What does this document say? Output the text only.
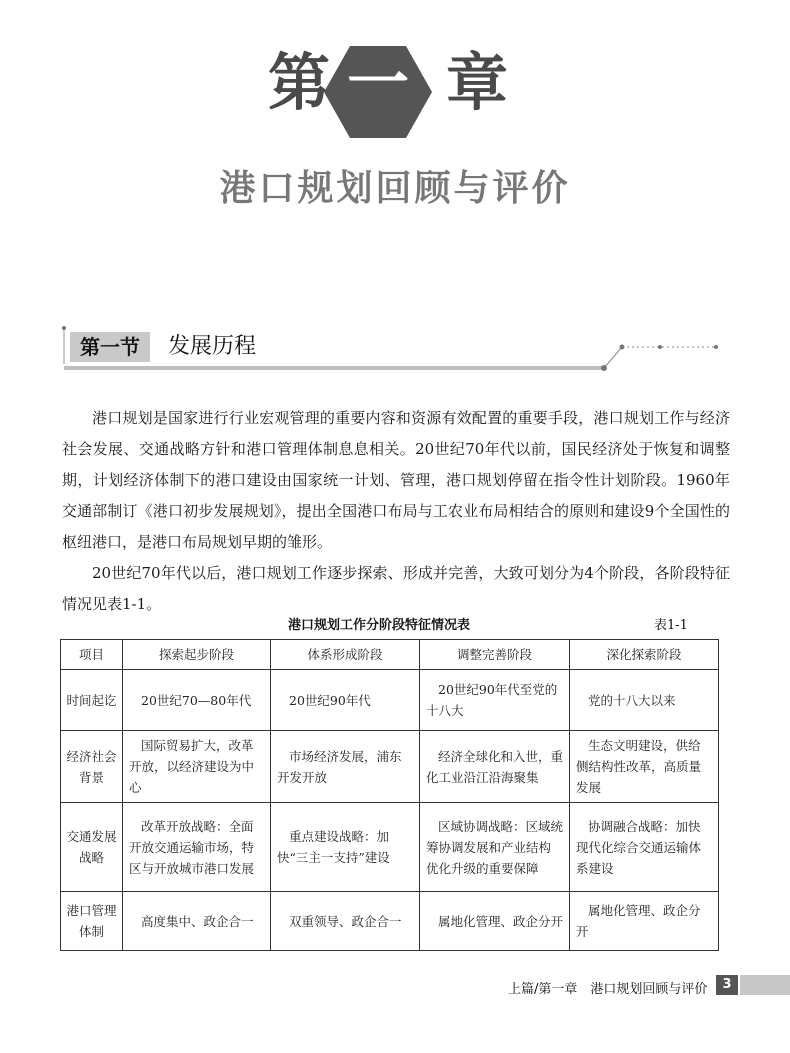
第 一 章
港口规划回顾与评价
第一节	发展历程

港口规划是国家进行行业宏观管理的重要内容和资源有效配置的重要手段，港口规划工作与经济社会发展、交通战略方针和港口管理体制息息相关。20世纪70年代以前，国民经济处于恢复和调整期，计划经济体制下的港口建设由国家统一计划、管理，港口规划停留在指令性计划阶段。1960年交通部制订《港口初步发展规划》，提出全国港口布局与工农业布局相结合的原则和建设9个全国性的枢纽港口，是港口布局规划早期的雏形。

20世纪70年代以后，港口规划工作逐步探索、形成并完善，大致可划分为4个阶段，各阶段特征情况见表1-1。

港口规划工作分阶段特征情况表	表1-1
项目	探索起步阶段	体系形成阶段	调整完善阶段	深化探索阶段
时间起讫	20世纪70—80年代	20世纪90年代	20世纪90年代至党的十八大	党的十八大以来
经济社会背景	国际贸易扩大，改革开放，以经济建设为中心	市场经济发展，浦东开发开放	经济全球化和入世，重化工业沿江沿海聚集	生态文明建设，供给侧结构性改革，高质量发展
交通发展战略	改革开放战略：全面开放交通运输市场，特区与开放城市港口发展	重点建设战略：加快“三主一支持”建设	区域协调战略：区域统筹协调发展和产业结构优化升级的重要保障	协调融合战略：加快现代化综合交通运输体系建设
港口管理体制	高度集中、政企合一	双重领导、政企合一	属地化管理、政企分开	属地化管理、政企分开
上篇/第一章　港口规划回顾与评价	3
